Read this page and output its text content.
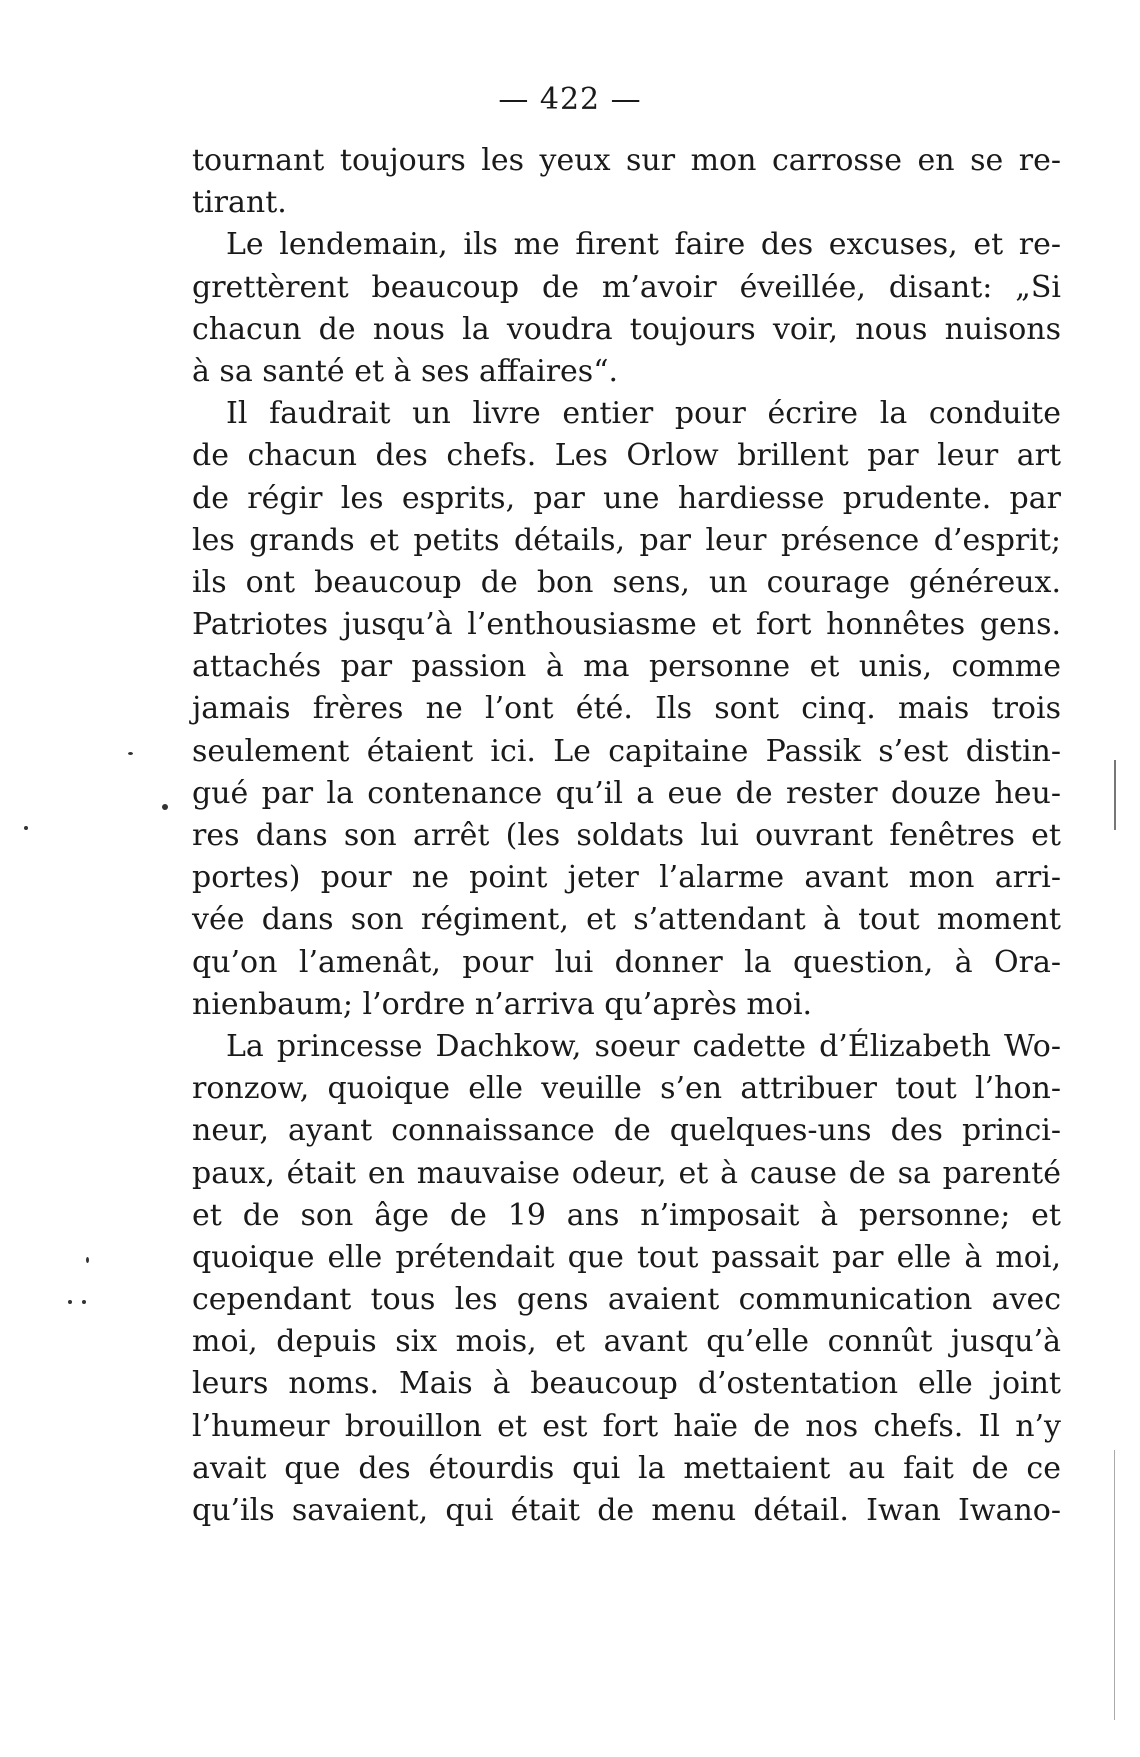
— 422 —
tournant toujours les yeux sur mon carrosse en se re-
tirant.
Le lendemain, ils me firent faire des excuses, et re-
grettèrent beaucoup de m’avoir éveillée, disant: „Si
chacun de nous la voudra toujours voir, nous nuisons
à sa santé et à ses affaires“.
Il faudrait un livre entier pour écrire la conduite
de chacun des chefs. Les Orlow brillent par leur art
de régir les esprits, par une hardiesse prudente. par
les grands et petits détails, par leur présence d’esprit;
ils ont beaucoup de bon sens, un courage généreux.
Patriotes jusqu’à l’enthousiasme et fort honnêtes gens.
attachés par passion à ma personne et unis, comme
jamais frères ne l’ont été. Ils sont cinq. mais trois
seulement étaient ici. Le capitaine Passik s’est distin-
gué par la contenance qu’il a eue de rester douze heu-
res dans son arrêt (les soldats lui ouvrant fenêtres et
portes) pour ne point jeter l’alarme avant mon arri-
vée dans son régiment, et s’attendant à tout moment
qu’on l’amenât, pour lui donner la question, à Ora-
nienbaum; l’ordre n’arriva qu’après moi.
La princesse Dachkow, soeur cadette d’Élizabeth Wo-
ronzow, quoique elle veuille s’en attribuer tout l’hon-
neur, ayant connaissance de quelques-uns des princi-
paux, était en mauvaise odeur, et à cause de sa parenté
et de son âge de 19 ans n’imposait à personne; et
quoique elle prétendait que tout passait par elle à moi,
cependant tous les gens avaient communication avec
moi, depuis six mois, et avant qu’elle connût jusqu’à
leurs noms. Mais à beaucoup d’ostentation elle joint
l’humeur brouillon et est fort haïe de nos chefs. Il n’y
avait que des étourdis qui la mettaient au fait de ce
qu’ils savaient, qui était de menu détail. Iwan Iwano-
